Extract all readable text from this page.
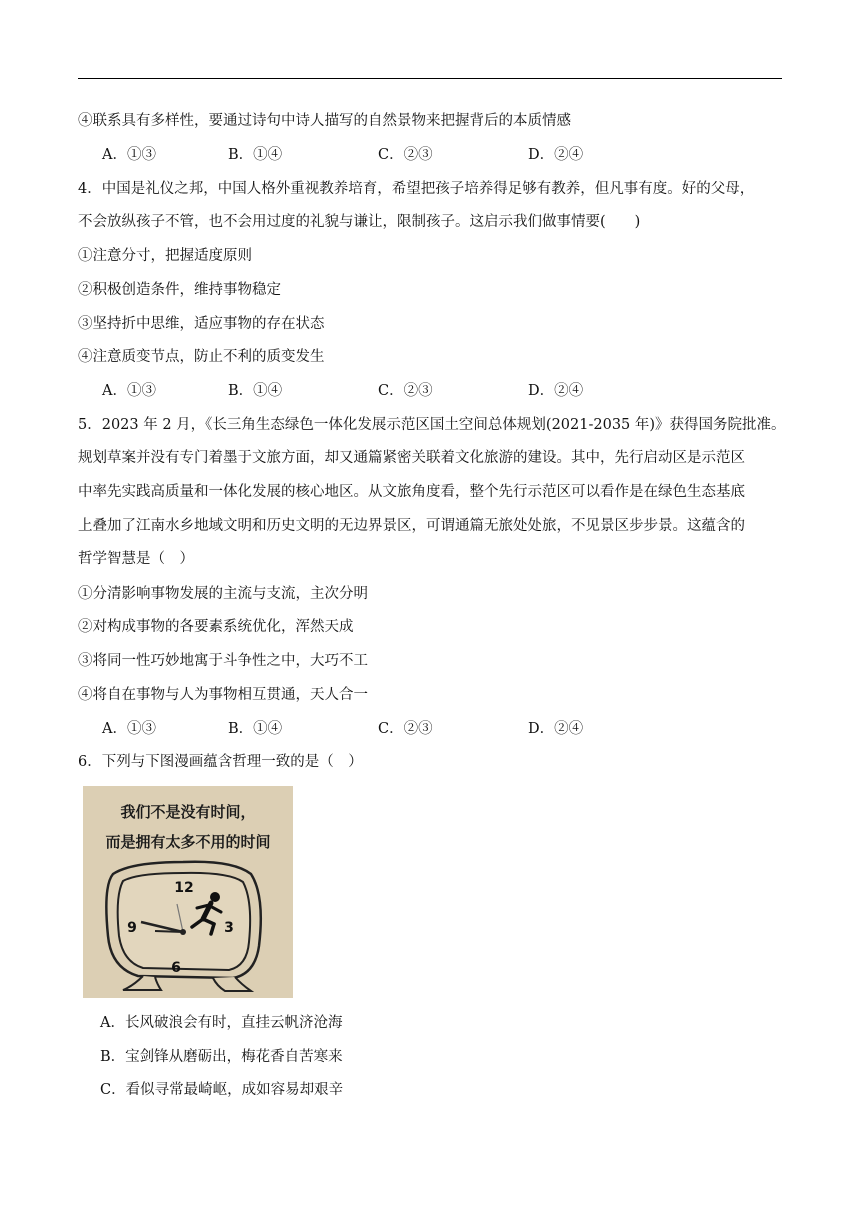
④联系具有多样性，要通过诗句中诗人描写的自然景物来把握背后的本质情感
A．①③	B．①④	C．②③	D．②④
4．中国是礼仪之邦，中国人格外重视教养培育，希望把孩子培养得足够有教养，但凡事有度。好的父母，
不会放纵孩子不管，也不会用过度的礼貌与谦让，限制孩子。这启示我们做事情要(　　)
①注意分寸，把握适度原则
②积极创造条件，维持事物稳定
③坚持折中思维，适应事物的存在状态
④注意质变节点，防止不利的质变发生
A．①③	B．①④	C．②③	D．②④
5．2023 年 2 月，《长三角生态绿色一体化发展示范区国土空间总体规划(2021-2035 年)》获得国务院批准。
规划草案并没有专门着墨于文旅方面，却又通篇紧密关联着文化旅游的建设。其中，先行启动区是示范区
中率先实践高质量和一体化发展的核心地区。从文旅角度看，整个先行示范区可以看作是在绿色生态基底
上叠加了江南水乡地域文明和历史文明的无边界景区，可谓通篇无旅处处旅，不见景区步步景。这蕴含的
哲学智慧是（　）
①分清影响事物发展的主流与支流，主次分明
②对构成事物的各要素系统优化，浑然天成
③将同一性巧妙地寓于斗争性之中，大巧不工
④将自在事物与人为事物相互贯通，天人合一
A．①③	B．①④	C．②③	D．②④
6．下列与下图漫画蕴含哲理一致的是（　）
我们不是没有时间，
而是拥有太多不用的时间
12
3
6
9
A．长风破浪会有时，直挂云帆济沧海
B．宝剑锋从磨砺出，梅花香自苦寒来
C．看似寻常最崎岖，成如容易却艰辛
